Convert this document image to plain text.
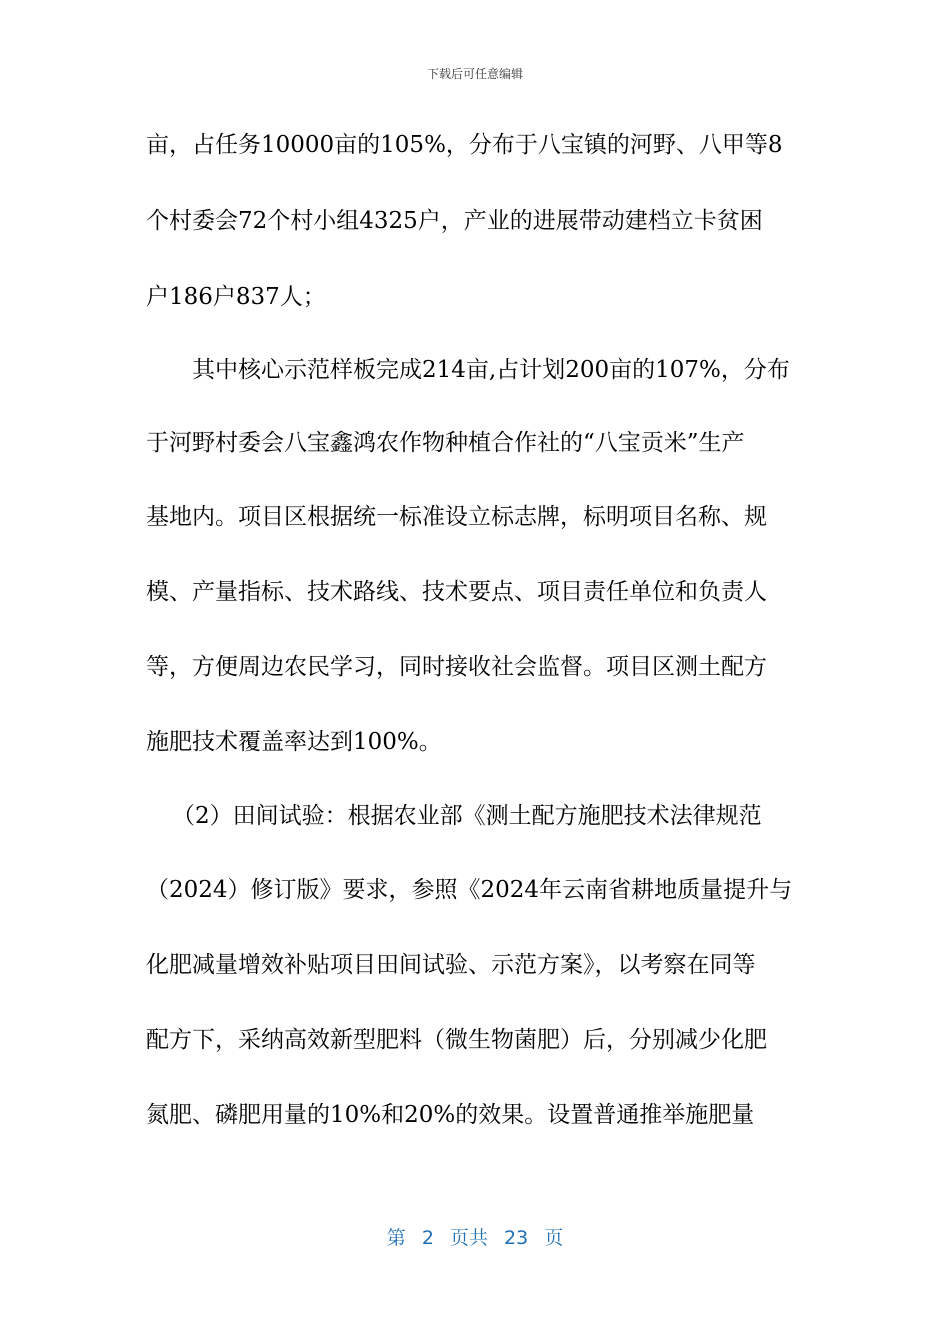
下载后可任意编辑
亩，占任务10000亩的105%，分布于八宝镇的河野、八甲等8
个村委会72个村小组4325户，产业的进展带动建档立卡贫困
户186户837人；
其中核心示范样板完成214亩,占计划200亩的107%，分布
于河野村委会八宝鑫鸿农作物种植合作社的“八宝贡米”生产
基地内。项目区根据统一标准设立标志牌，标明项目名称、规
模、产量指标、技术路线、技术要点、项目责任单位和负责人
等，方便周边农民学习，同时接收社会监督。项目区测土配方
施肥技术覆盖率达到100%。
（2）田间试验：根据农业部《测土配方施肥技术法律规范
（2024）修订版》要求，参照《2024年云南省耕地质量提升与
化肥减量增效补贴项目田间试验、示范方案》，以考察在同等
配方下，采纳高效新型肥料（微生物菌肥）后，分别减少化肥
氮肥、磷肥用量的10%和20%的效果。设置普通推举施肥量
第 2 页共 23 页
